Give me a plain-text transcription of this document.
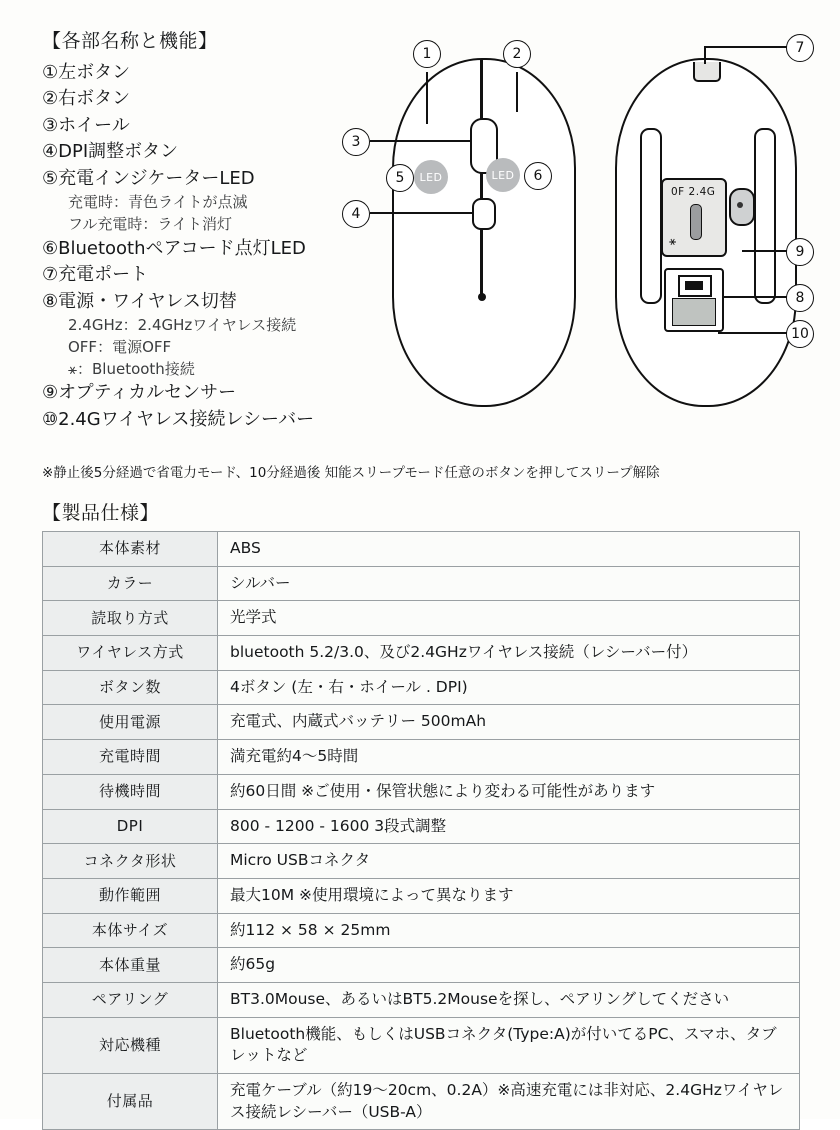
【各部名称と機能】
①左ボタン
②右ボタン
③ホイール
④DPI調整ボタン
⑤充電インジケーターLED
充電時：青色ライトが点滅
フル充電時：ライト消灯
⑥Bluetoothペアコード点灯LED
⑦充電ポート
⑧電源・ワイヤレス切替
2.4GHz：2.4GHzワイヤレス接続
OFF：電源OFF
⚹：Bluetooth接続
⑨オプティカルセンサー
⑩2.4Gワイヤレス接続レシーバー
※静止後5分経過で省電力モード、10分経過後 知能スリープモード任意のボタンを押してスリープ解除
LED	LED
0F 2.4G
⚹
1	2
3
4
5	6
7
8
9
10
【製品仕様】
本体素材	ABS
カラー	シルバー
読取り方式	光学式
ワイヤレス方式	bluetooth 5.2/3.0、及び2.4GHzワイヤレス接続（レシーバー付）
ボタン数	4ボタン (左・右・ホイール . DPI)
使用電源	充電式、内蔵式バッテリー 500mAh
充電時間	満充電約4〜5時間
待機時間	約60日間 ※ご使用・保管状態により変わる可能性があります
DPI	800 - 1200 - 1600 3段式調整
コネクタ形状	Micro USBコネクタ
動作範囲	最大10M ※使用環境によって異なります
本体サイズ	約112 × 58 × 25mm
本体重量	約65g
ペアリング	BT3.0Mouse、あるいはBT5.2Mouseを探し、ペアリングしてください
対応機種	Bluetooth機能、もしくはUSBコネクタ(Type:A)が付いてるPC、スマホ、タブレットなど
付属品	充電ケーブル（約19〜20cm、0.2A）※高速充電には非対応、2.4GHzワイヤレス接続レシーバー（USB-A）
